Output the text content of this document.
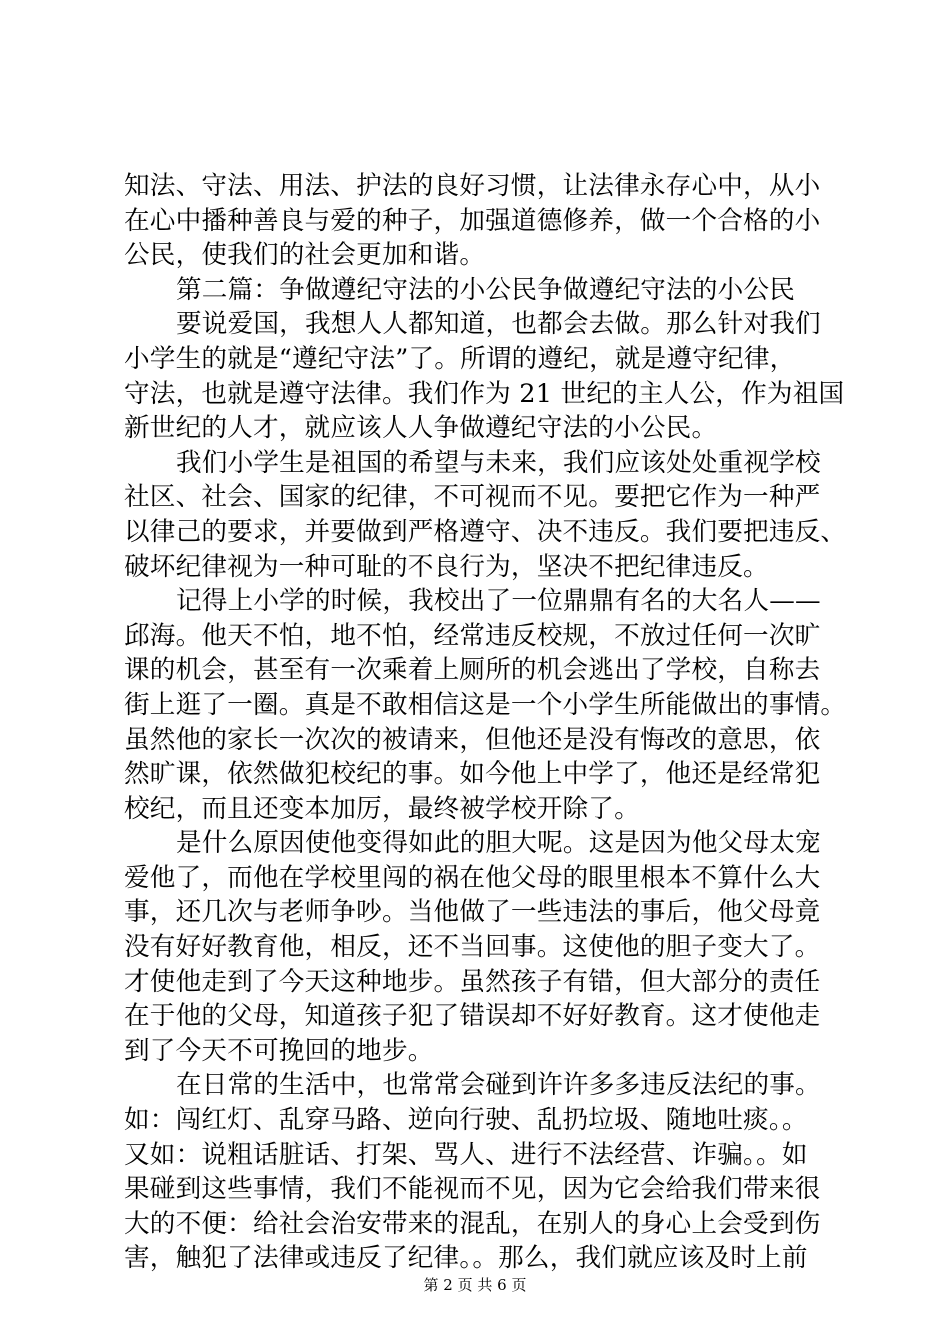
知法、守法、用法、护法的良好习惯，让法律永存心中，从小
在心中播种善良与爱的种子，加强道德修养，做一个合格的小
公民，使我们的社会更加和谐。
第二篇：争做遵纪守法的小公民争做遵纪守法的小公民
要说爱国，我想人人都知道，也都会去做。那么针对我们
小学生的就是“遵纪守法”了。所谓的遵纪，就是遵守纪律，
守法，也就是遵守法律。我们作为 21 世纪的主人公，作为祖国
新世纪的人才，就应该人人争做遵纪守法的小公民。
我们小学生是祖国的希望与未来，我们应该处处重视学校
社区、社会、国家的纪律，不可视而不见。要把它作为一种严
以律己的要求，并要做到严格遵守、决不违反。我们要把违反、
破坏纪律视为一种可耻的不良行为，坚决不把纪律违反。
记得上小学的时候，我校出了一位鼎鼎有名的大名人——
邱海。他天不怕，地不怕，经常违反校规，不放过任何一次旷
课的机会，甚至有一次乘着上厕所的机会逃出了学校，自称去
街上逛了一圈。真是不敢相信这是一个小学生所能做出的事情。
虽然他的家长一次次的被请来，但他还是没有悔改的意思，依
然旷课，依然做犯校纪的事。如今他上中学了，他还是经常犯
校纪，而且还变本加厉，最终被学校开除了。
是什么原因使他变得如此的胆大呢。这是因为他父母太宠
爱他了，而他在学校里闯的祸在他父母的眼里根本不算什么大
事，还几次与老师争吵。当他做了一些违法的事后，他父母竟
没有好好教育他，相反，还不当回事。这使他的胆子变大了。
才使他走到了今天这种地步。虽然孩子有错，但大部分的责任
在于他的父母，知道孩子犯了错误却不好好教育。这才使他走
到了今天不可挽回的地步。
在日常的生活中，也常常会碰到许许多多违反法纪的事。
如：闯红灯、乱穿马路、逆向行驶、乱扔垃圾、随地吐痰。。
又如：说粗话脏话、打架、骂人、进行不法经营、诈骗。。如
果碰到这些事情，我们不能视而不见，因为它会给我们带来很
大的不便：给社会治安带来的混乱，在别人的身心上会受到伤
害，触犯了法律或违反了纪律。。那么，我们就应该及时上前
第 2 页 共 6 页
